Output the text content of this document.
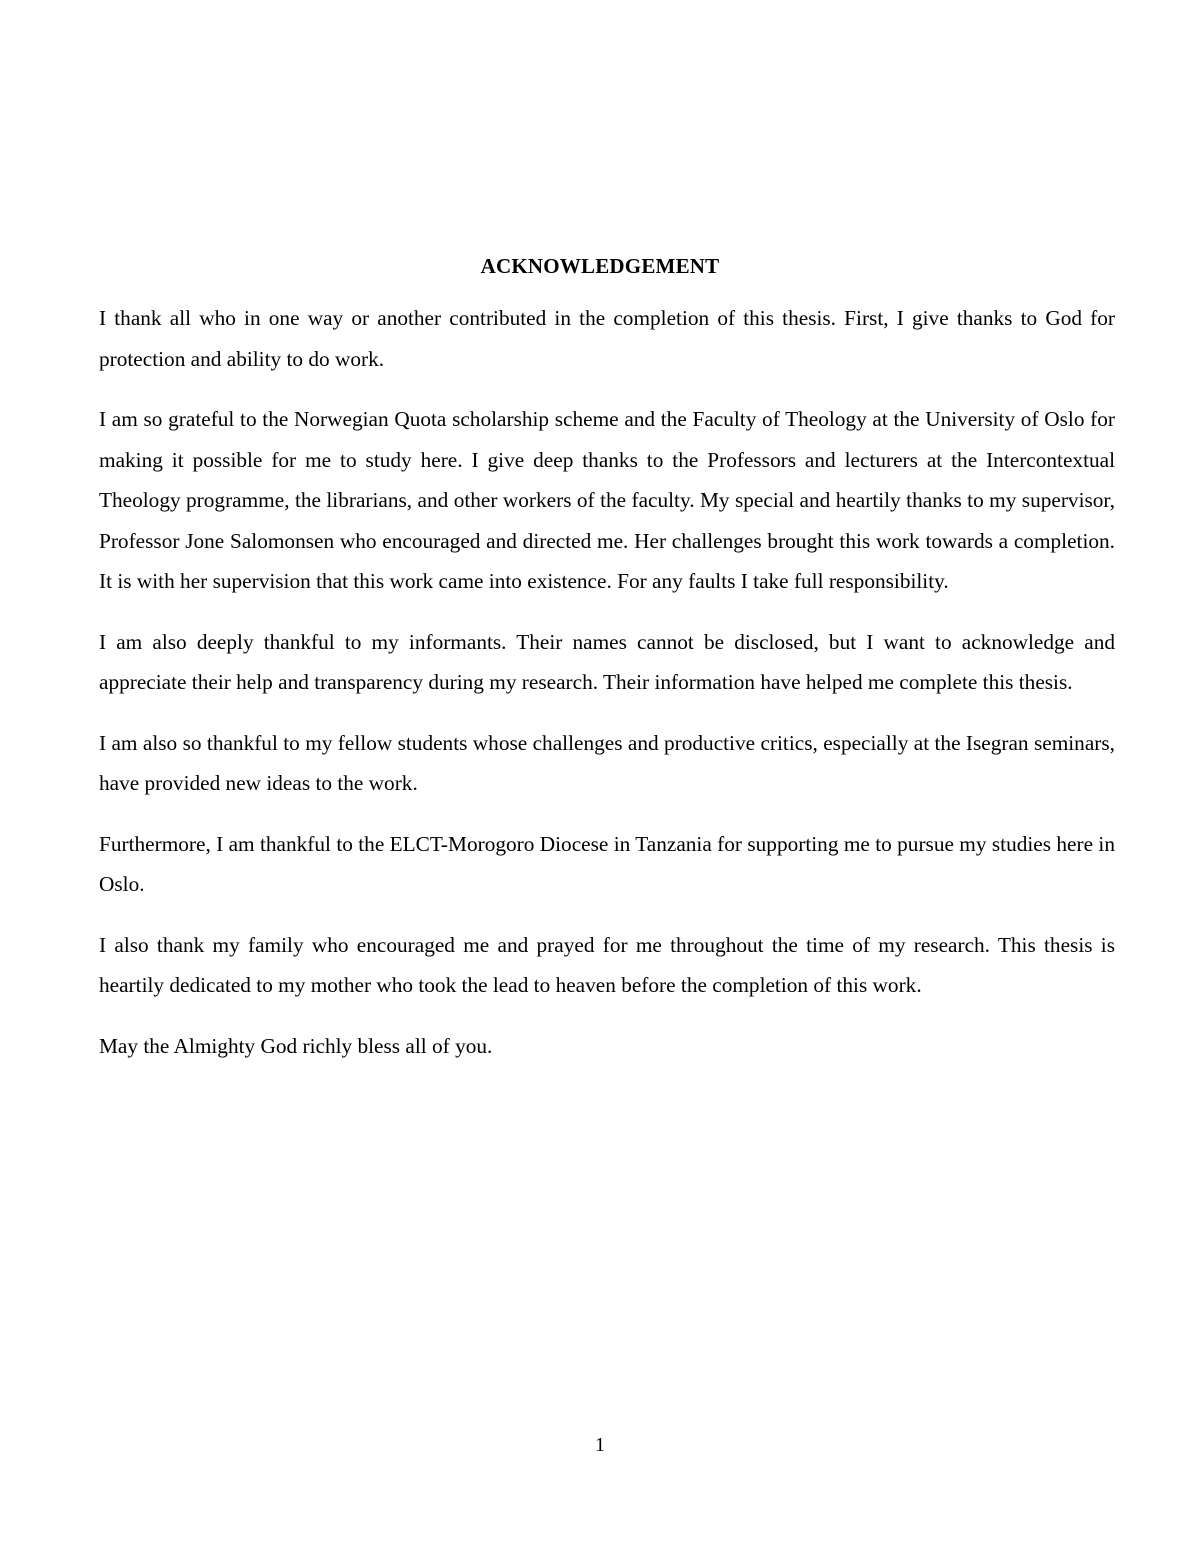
ACKNOWLEDGEMENT

I thank all who in one way or another contributed in the completion of this thesis. First, I give thanks to God for protection and ability to do work.

I am so grateful to the Norwegian Quota scholarship scheme and the Faculty of Theology at the University of Oslo for making it possible for me to study here. I give deep thanks to the Professors and lecturers at the Intercontextual Theology programme, the librarians, and other workers of the faculty. My special and heartily thanks to my supervisor, Professor Jone Salomonsen who encouraged and directed me. Her challenges brought this work towards a completion. It is with her supervision that this work came into existence. For any faults I take full responsibility.

I am also deeply thankful to my informants. Their names cannot be disclosed, but I want to acknowledge and appreciate their help and transparency during my research. Their information have helped me complete this thesis.

I am also so thankful to my fellow students whose challenges and productive critics, especially at the Isegran seminars, have provided new ideas to the work.

Furthermore, I am thankful to the ELCT-Morogoro Diocese in Tanzania for supporting me to pursue my studies here in Oslo.

I also thank my family who encouraged me and prayed for me throughout the time of my research. This thesis is heartily dedicated to my mother who took the lead to heaven before the completion of this work.

May the Almighty God richly bless all of you.

1
